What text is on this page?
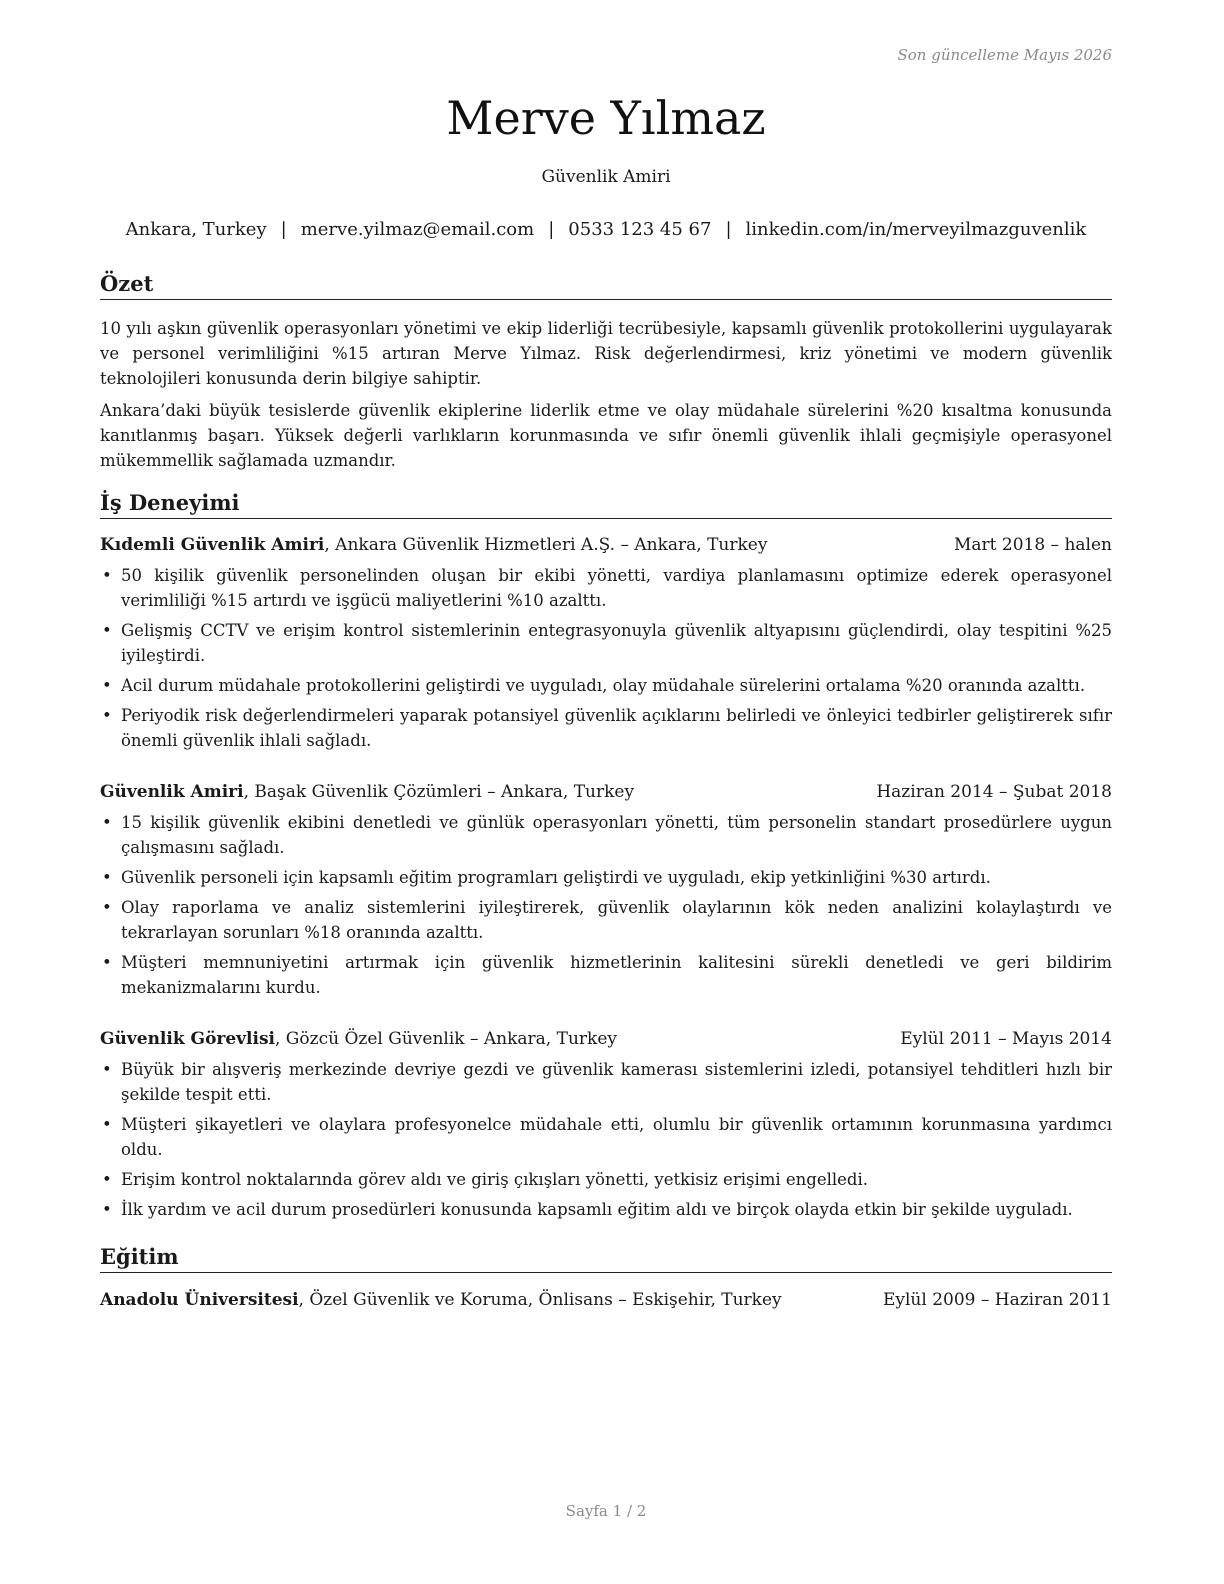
Son güncelleme Mayıs 2026
Merve Yılmaz
Güvenlik Amiri
Ankara, Turkey | merve.yilmaz@email.com | 0533 123 45 67 | linkedin.com/in/merveyilmazguvenlik
Özet

10 yılı aşkın güvenlik operasyonları yönetimi ve ekip liderliği tecrübesiyle, kapsamlı güvenlik protokollerini uygulayarak ve personel verimliliğini %15 artıran Merve Yılmaz. Risk değerlendirmesi, kriz yönetimi ve modern güvenlik teknolojileri konusunda derin bilgiye sahiptir.

Ankara’daki büyük tesislerde güvenlik ekiplerine liderlik etme ve olay müdahale sürelerini %20 kısaltma konusunda kanıtlanmış başarı. Yüksek değerli varlıkların korunmasında ve sıfır önemli güvenlik ihlali geçmişiyle operasyonel mükemmellik sağlamada uzmandır.

İş Deneyimi
Kıdemli Güvenlik Amiri, Ankara Güvenlik Hizmetleri A.Ş. – Ankara, Turkey	Mart 2018 – halen
• 50 kişilik güvenlik personelinden oluşan bir ekibi yönetti, vardiya planlamasını optimize ederek operasyonel verimliliği %15 artırdı ve işgücü maliyetlerini %10 azalttı.
• Gelişmiş CCTV ve erişim kontrol sistemlerinin entegrasyonuyla güvenlik altyapısını güçlendirdi, olay tespitini %25 iyileştirdi.
• Acil durum müdahale protokollerini geliştirdi ve uyguladı, olay müdahale sürelerini ortalama %20 oranında azalttı.
• Periyodik risk değerlendirmeleri yaparak potansiyel güvenlik açıklarını belirledi ve önleyici tedbirler geliştirerek sıfır önemli güvenlik ihlali sağladı.
Güvenlik Amiri, Başak Güvenlik Çözümleri – Ankara, Turkey	Haziran 2014 – Şubat 2018
• 15 kişilik güvenlik ekibini denetledi ve günlük operasyonları yönetti, tüm personelin standart prosedürlere uygun çalışmasını sağladı.
• Güvenlik personeli için kapsamlı eğitim programları geliştirdi ve uyguladı, ekip yetkinliğini %30 artırdı.
• Olay raporlama ve analiz sistemlerini iyileştirerek, güvenlik olaylarının kök neden analizini kolaylaştırdı ve tekrarlayan sorunları %18 oranında azalttı.
• Müşteri memnuniyetini artırmak için güvenlik hizmetlerinin kalitesini sürekli denetledi ve geri bildirim mekanizmalarını kurdu.
Güvenlik Görevlisi, Gözcü Özel Güvenlik – Ankara, Turkey	Eylül 2011 – Mayıs 2014
• Büyük bir alışveriş merkezinde devriye gezdi ve güvenlik kamerası sistemlerini izledi, potansiyel tehditleri hızlı bir şekilde tespit etti.
• Müşteri şikayetleri ve olaylara profesyonelce müdahale etti, olumlu bir güvenlik ortamının korunmasına yardımcı oldu.
• Erişim kontrol noktalarında görev aldı ve giriş çıkışları yönetti, yetkisiz erişimi engelledi.
• İlk yardım ve acil durum prosedürleri konusunda kapsamlı eğitim aldı ve birçok olayda etkin bir şekilde uyguladı.
Eğitim
Anadolu Üniversitesi, Özel Güvenlik ve Koruma, Önlisans – Eskişehir, Turkey	Eylül 2009 – Haziran 2011
Sayfa 1 / 2
